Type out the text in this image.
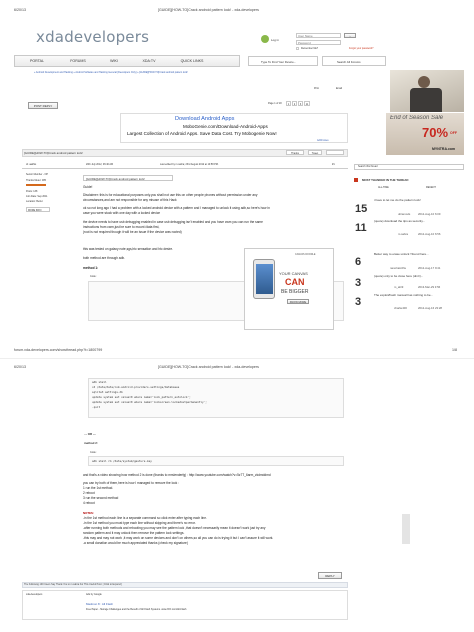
6/20/13	[GUIDE][HOW-TO]Crack android pattern lock! - xda-developers
xdadevelopers	Log in
User Name
Password
Remember Me?
›
Forgot your password?
PORTAL	FORUMS	WIKI	XDA:TV	QUICK LINKS	Type To Find Your Device...	Search All Forums
» Android Development and Hacking » Android Software and Hacking General [Developers Only] » [GUIDE][HOW-TO]Crack android pattern lock!
POST REPLY
Page 1 of 18	1	2	3	11
Print	Email
End of Season Sale
70% OFF
MYNTRA.com
Download Android Apps
MoboGenie.com/Download-Android-Apps
Largest Collection of Android Apps. Save Data Cost. Try Mobogenie Now!
AdChoices
[GUIDE][HOW-TO]Crack android pattern lock!	Thanks	Tweet
Search this thread
dr. aakhis	20th July 2012, 06:40 AM	Last edited by m.sabra; 23rd August 2012 at 10:58 PM.	#1
Senior Member - OP
Thanks Meter: 485
Posts: 138
Join Date: Sep 2011
Location: Beirut
MORE INFO
[GUIDE][HOW-TO]Crack android pattern lock!
Guide!
Disclaimer: this is for educational purposes only.you shall not use this on other people phones without permission under any
circumstances,and am not responsible for any misuse of this Hack
ok so not long ago I had a problem with a locked android device with a pattern and I managed to unlock it using adb,so here's how in
case you were stuck with one day with a locked device
the device needs to have usb debugging enabled in case usb debugging isn't enabled and you have cwm you can run the same
instructions from cwm,just be sure to mount /data first,
(root is not required though it will be an issue if the device was rooted)
this was tested on galaxy note,sgs,htc sensation and htc desire.
both method are through adb.
method 1:
Code:
CANVAS DOODLE
YOUR CANVAS
CAN
BE BIGGER
KNOW MORE
MOST THANKED IN THE THREAD
ALL-TIME	RECENT
15
i have to let me do the pattern lock!
ultramods	2012-Aug-10 6:09
11
(quote) download the tips as security...
m.sabra	2012-Aug-10 6:56
6
Better way to erase unlock !!found here...
nanohatzdhu	2012-Aug-17 9:41
3
(quote) only to be close here (dmlr)...
m_altr9	2013-Mar-29 3:56
3
The exploit/hash manual has nothing to be...
charlie400	2012-Aug-16 23:28
forum.xda-developers.com/showthread.php?t=1800799	1/8
6/20/13	[GUIDE][HOW-TO]Crack android pattern lock! - xda-developers
adb shell
cd /data/data/com.android.providers.settings/databases
sqlite3 settings.db
update system set value=0 where name='lock_pattern_autolock';
update system set value=0 where name='lockscreen.lockedoutpermanently';
.quit
--- OR ---
method 2:
Code:
adb shell rm /data/system/gesture.key
and that's a video showing how method 2 is done (thanks to mrslenderfg) : http://www.youtube.com/watch?v=5z7T_6arm_zkdmddmd
you can try both of them,here is how I managed to remove the lock :
1 run the 1st method.
2 reboot
3 run the second method
4 reboot
NOTES:
-in the 1st method each line is a separate command so click enter after typing each line.
-in the 1st method you must type each line without skipping and there's no error.
-after running both methods and rebooting you may see the pattern lock ,that doesn't necessarily mean it doesn't work just try any
random pattern and it may unlock then remove the pattern lock settings.
-this may and may not work ,it may work on some devices and don't on others,so all you can do is trying it but I can't assure it will work.
-a small donation would be much appreciated thanks (check my signature)
REPLY
The Following 100 Users Say Thank You to m.sabra For This Useful Post: [ Click to Expand ]
xda-developers	Ads by Google
Madmon 8 : All Flash
Free Paper - Storage Challenges and the Benefit of All Flash Systems. www.XIO.com/All-Flash
